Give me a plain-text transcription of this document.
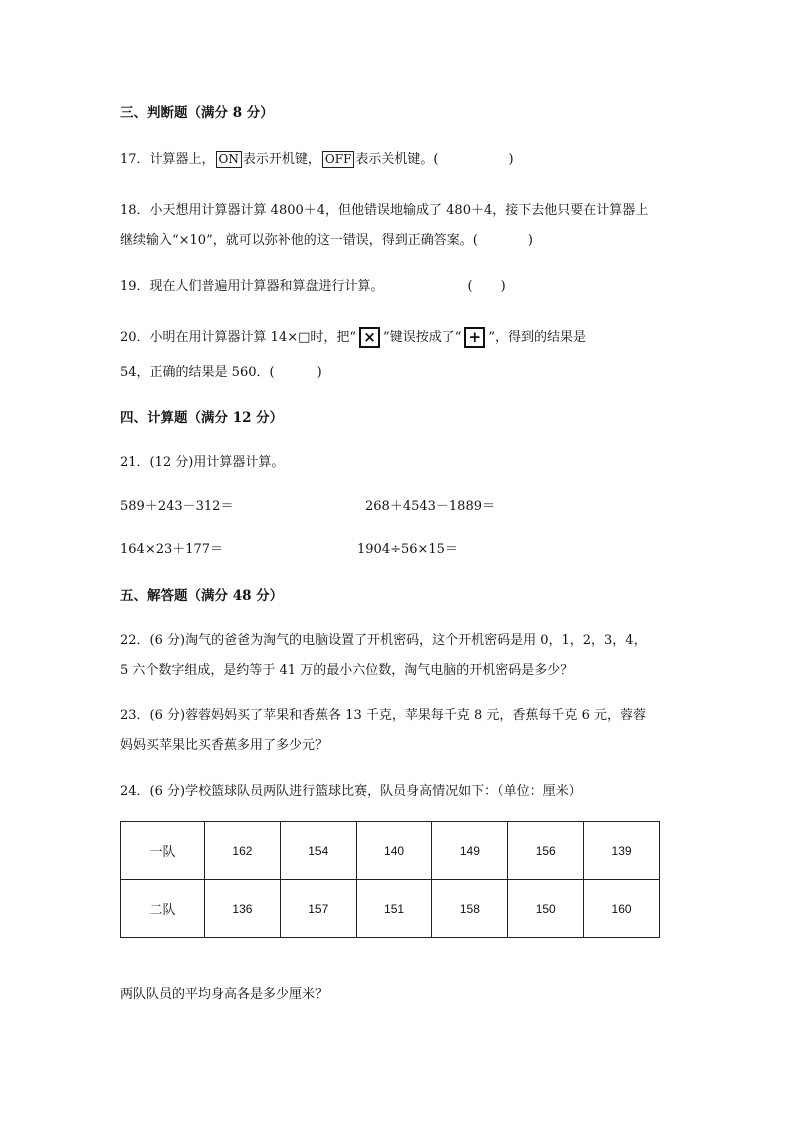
三、判断题（满分 8 分）
17．计算器上， ON 表示开机键， OFF 表示关机键。(	)
18．小天想用计算器计算 4800＋4，但他错误地输成了 480＋4，接下去他只要在计算器上
继续输入“×10”，就可以弥补他的这一错误，得到正确答案。(	)
19．现在人们普遍用计算器和算盘进行计算。	( )
20．小明在用计算器计算 14×□时，把“ × ”键误按成了“ + ”，得到的结果是
54，正确的结果是 560．(	)
四、计算题（满分 12 分）
21．(12 分)用计算器计算。
589＋243－312＝	268＋4543－1889＝
164×23＋177＝	1904÷56×15＝
五、解答题（满分 48 分）
22．(6 分)淘气的爸爸为淘气的电脑设置了开机密码，这个开机密码是用 0，1，2，3，4，
5 六个数字组成，是约等于 41 万的最小六位数，淘气电脑的开机密码是多少？
23．(6 分)蓉蓉妈妈买了苹果和香蕉各 13 千克，苹果每千克 8 元，香蕉每千克 6 元，蓉蓉
妈妈买苹果比买香蕉多用了多少元？
24．(6 分)学校篮球队员两队进行篮球比赛，队员身高情况如下：（单位：厘米）
一队	162	154	140	149	156	139
二队	136	157	151	158	150	160
两队队员的平均身高各是多少厘米？
